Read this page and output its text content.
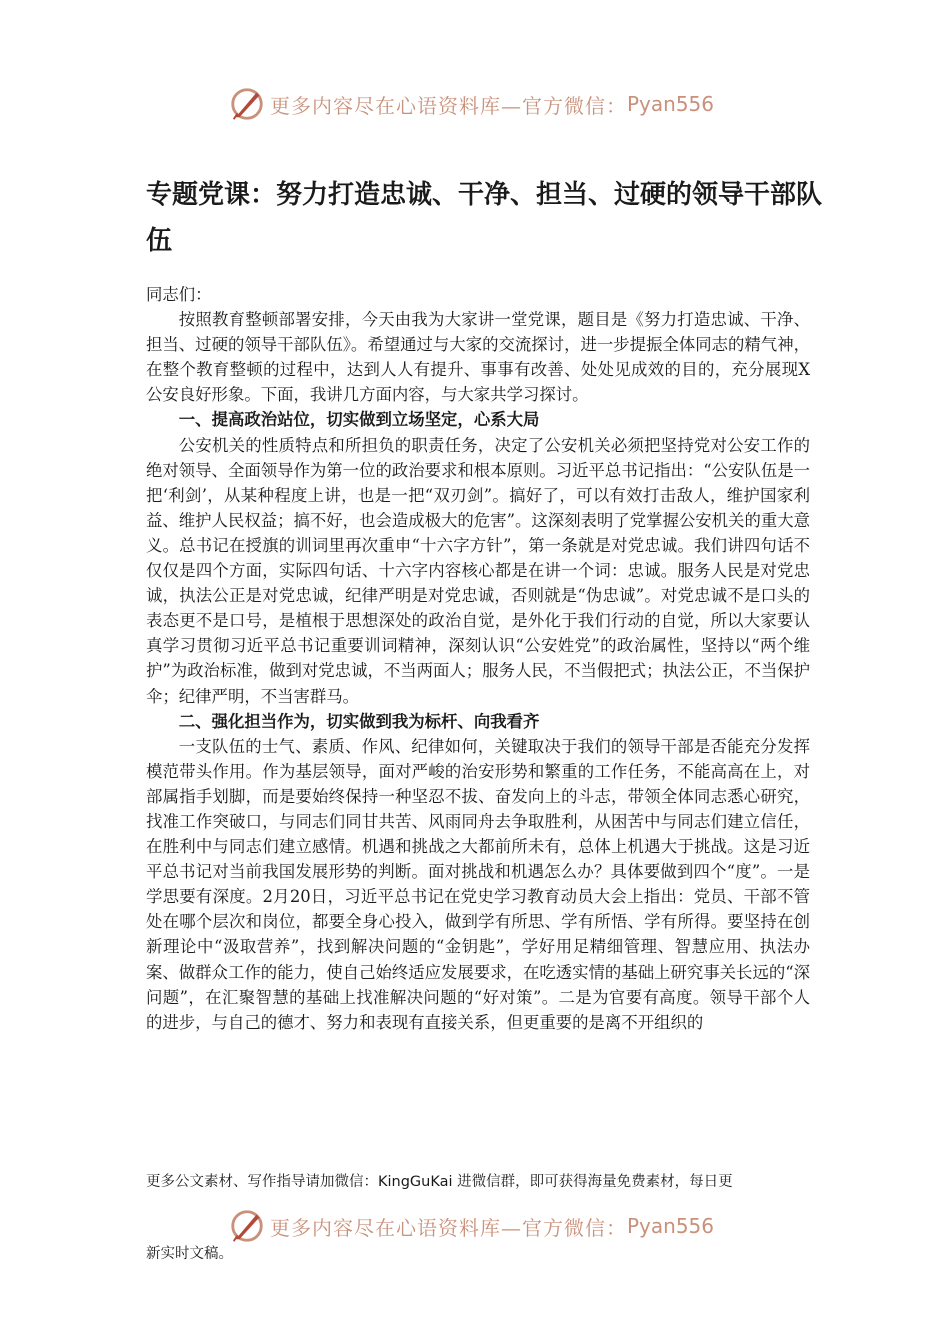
更多内容尽在心语资料库—官方微信： Pyan556
专题党课：努力打造忠诚、干净、担当、过硬的领导干部队伍

同志们：

按照教育整顿部署安排，今天由我为大家讲一堂党课，题目是《努力打造忠诚、干净、担当、过硬的领导干部队伍》。希望通过与大家的交流探讨，进一步提振全体同志的精气神，在整个教育整顿的过程中，达到人人有提升、事事有改善、处处见成效的目的，充分展现X公安良好形象。下面，我讲几方面内容，与大家共学习探讨。

一、提高政治站位，切实做到立场坚定，心系大局

公安机关的性质特点和所担负的职责任务，决定了公安机关必须把坚持党对公安工作的绝对领导、全面领导作为第一位的政治要求和根本原则。习近平总书记指出：“公安队伍是一把‘利剑’，从某种程度上讲，也是一把“双刃剑”。搞好了，可以有效打击敌人，维护国家利益、维护人民权益；搞不好，也会造成极大的危害”。这深刻表明了党掌握公安机关的重大意义。总书记在授旗的训词里再次重申“十六字方针”，第一条就是对党忠诚。我们讲四句话不仅仅是四个方面，实际四句话、十六字内容核心都是在讲一个词：忠诚。服务人民是对党忠诚，执法公正是对党忠诚，纪律严明是对党忠诚，否则就是“伪忠诚”。对党忠诚不是口头的表态更不是口号，是植根于思想深处的政治自觉，是外化于我们行动的自觉，所以大家要认真学习贯彻习近平总书记重要训词精神，深刻认识“公安姓党”的政治属性，坚持以“两个维护”为政治标准，做到对党忠诚，不当两面人；服务人民，不当假把式；执法公正，不当保护伞；纪律严明，不当害群马。

二、强化担当作为，切实做到我为标杆、向我看齐

一支队伍的士气、素质、作风、纪律如何，关键取决于我们的领导干部是否能充分发挥模范带头作用。作为基层领导，面对严峻的治安形势和繁重的工作任务，不能高高在上，对部属指手划脚，而是要始终保持一种坚忍不拔、奋发向上的斗志，带领全体同志悉心研究，找准工作突破口，与同志们同甘共苦、风雨同舟去争取胜利，从困苦中与同志们建立信任，在胜利中与同志们建立感情。机遇和挑战之大都前所未有，总体上机遇大于挑战。这是习近平总书记对当前我国发展形势的判断。面对挑战和机遇怎么办？具体要做到四个“度”。一是学思要有深度。2月20日，习近平总书记在党史学习教育动员大会上指出：党员、干部不管处在哪个层次和岗位，都要全身心投入，做到学有所思、学有所悟、学有所得。要坚持在创新理论中“汲取营养”，找到解决问题的“金钥匙”，学好用足精细管理、智慧应用、执法办案、做群众工作的能力，使自己始终适应发展要求，在吃透实情的基础上研究事关长远的“深问题”，在汇聚智慧的基础上找准解决问题的“好对策”。二是为官要有高度。领导干部个人的进步，与自己的德才、努力和表现有直接关系，但更重要的是离不开组织的

更多公文素材、写作指导请加微信：KingGuKai 进微信群，即可获得海量免费素材，每日更
更多内容尽在心语资料库—官方微信： Pyan556
新实时文稿。
